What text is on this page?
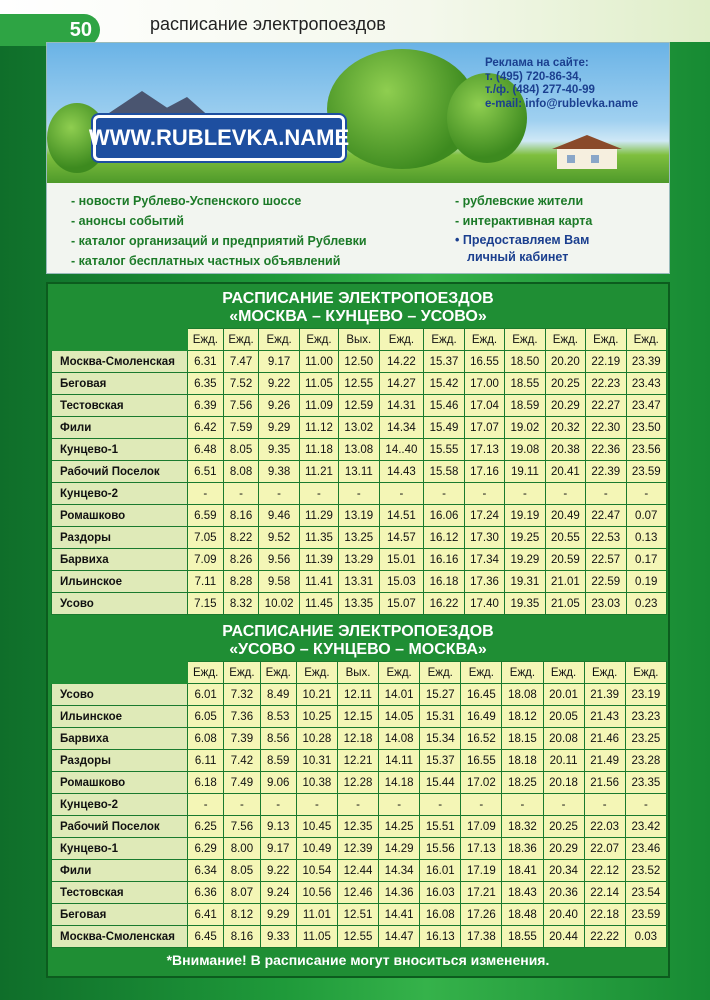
50	расписание электропоездов
WWW.RUBLEVKA.NAME
Реклама на сайте:
т. (495) 720-86-34,
т./ф. (484) 277-40-99
e-mail: info@rublevka.name
- новости Рублево-Успенского шоссе
- анонсы событий
- каталог организаций и предприятий Рублевки
- каталог бесплатных частных объявлений
- рублевские жители
- интерактивная карта
• Предоставляем Вам
личный кабинет
РАСПИСАНИЕ ЭЛЕКТРОПОЕЗДОВ
«МОСКВА – КУНЦЕВО – УСОВО»
	Ежд.	Ежд.	Ежд.	Ежд.	Вых.	Ежд.	Ежд.	Ежд.	Ежд.	Ежд.	Ежд.	Ежд.
Москва-Смоленская	6.31	7.47	9.17	11.00	12.50	14.22	15.37	16.55	18.50	20.20	22.19	23.39
Беговая	6.35	7.52	9.22	11.05	12.55	14.27	15.42	17.00	18.55	20.25	22.23	23.43
Тестовская	6.39	7.56	9.26	11.09	12.59	14.31	15.46	17.04	18.59	20.29	22.27	23.47
Фили	6.42	7.59	9.29	11.12	13.02	14.34	15.49	17.07	19.02	20.32	22.30	23.50
Кунцево-1	6.48	8.05	9.35	11.18	13.08	14..40	15.55	17.13	19.08	20.38	22.36	23.56
Рабочий Поселок	6.51	8.08	9.38	11.21	13.11	14.43	15.58	17.16	19.11	20.41	22.39	23.59
Кунцево-2	-	-	-	-	-	-	-	-	-	-	-	-
Ромашково	6.59	8.16	9.46	11.29	13.19	14.51	16.06	17.24	19.19	20.49	22.47	0.07
Раздоры	7.05	8.22	9.52	11.35	13.25	14.57	16.12	17.30	19.25	20.55	22.53	0.13
Барвиха	7.09	8.26	9.56	11.39	13.29	15.01	16.16	17.34	19.29	20.59	22.57	0.17
Ильинское	7.11	8.28	9.58	11.41	13.31	15.03	16.18	17.36	19.31	21.01	22.59	0.19
Усово	7.15	8.32	10.02	11.45	13.35	15.07	16.22	17.40	19.35	21.05	23.03	0.23
РАСПИСАНИЕ ЭЛЕКТРОПОЕЗДОВ
«УСОВО – КУНЦЕВО – МОСКВА»
	Ежд.	Ежд.	Ежд.	Ежд.	Вых.	Ежд.	Ежд.	Ежд.	Ежд.	Ежд.	Ежд.	Ежд.
Усово	6.01	7.32	8.49	10.21	12.11	14.01	15.27	16.45	18.08	20.01	21.39	23.19
Ильинское	6.05	7.36	8.53	10.25	12.15	14.05	15.31	16.49	18.12	20.05	21.43	23.23
Барвиха	6.08	7.39	8.56	10.28	12.18	14.08	15.34	16.52	18.15	20.08	21.46	23.25
Раздоры	6.11	7.42	8.59	10.31	12.21	14.11	15.37	16.55	18.18	20.11	21.49	23.28
Ромашково	6.18	7.49	9.06	10.38	12.28	14.18	15.44	17.02	18.25	20.18	21.56	23.35
Кунцево-2	-	-	-	-	-	-	-	-	-	-	-	-
Рабочий Поселок	6.25	7.56	9.13	10.45	12.35	14.25	15.51	17.09	18.32	20.25	22.03	23.42
Кунцево-1	6.29	8.00	9.17	10.49	12.39	14.29	15.56	17.13	18.36	20.29	22.07	23.46
Фили	6.34	8.05	9.22	10.54	12.44	14.34	16.01	17.19	18.41	20.34	22.12	23.52
Тестовская	6.36	8.07	9.24	10.56	12.46	14.36	16.03	17.21	18.43	20.36	22.14	23.54
Беговая	6.41	8.12	9.29	11.01	12.51	14.41	16.08	17.26	18.48	20.40	22.18	23.59
Москва-Смоленская	6.45	8.16	9.33	11.05	12.55	14.47	16.13	17.38	18.55	20.44	22.22	0.03
*Внимание! В расписание могут вноситься изменения.
